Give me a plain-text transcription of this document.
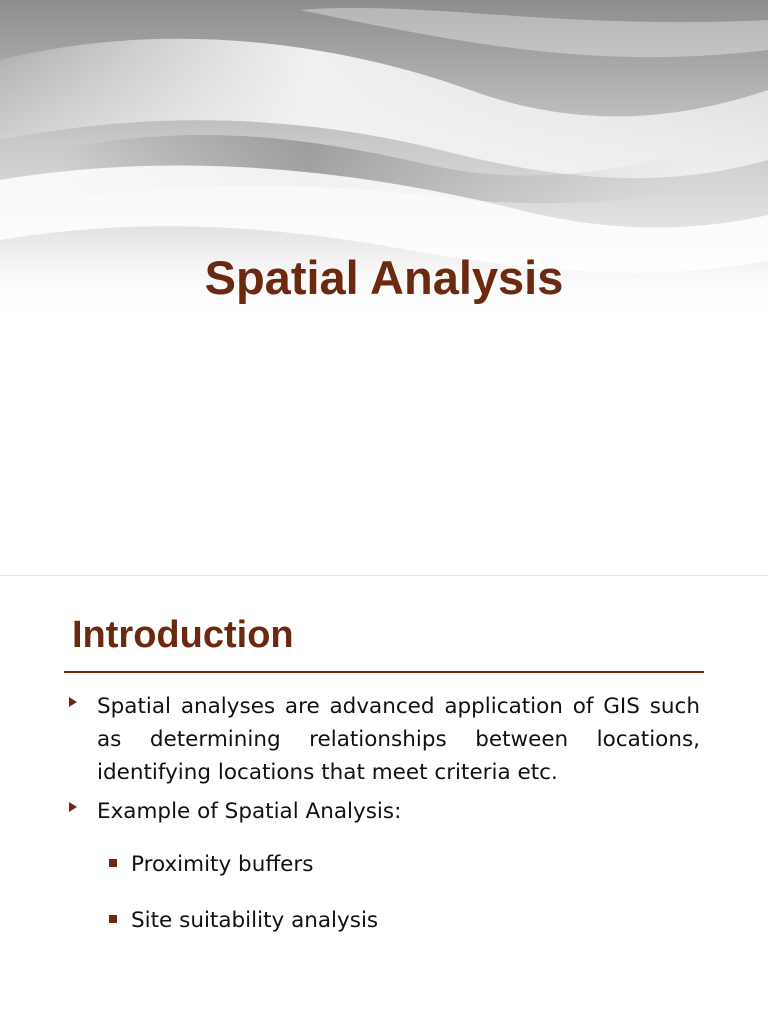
Spatial Analysis
Introduction
Spatial analyses are advanced application of GIS such as determining relationships between locations, identifying locations that meet criteria etc.
Example of Spatial Analysis:
Proximity buffers
Site suitability analysis
